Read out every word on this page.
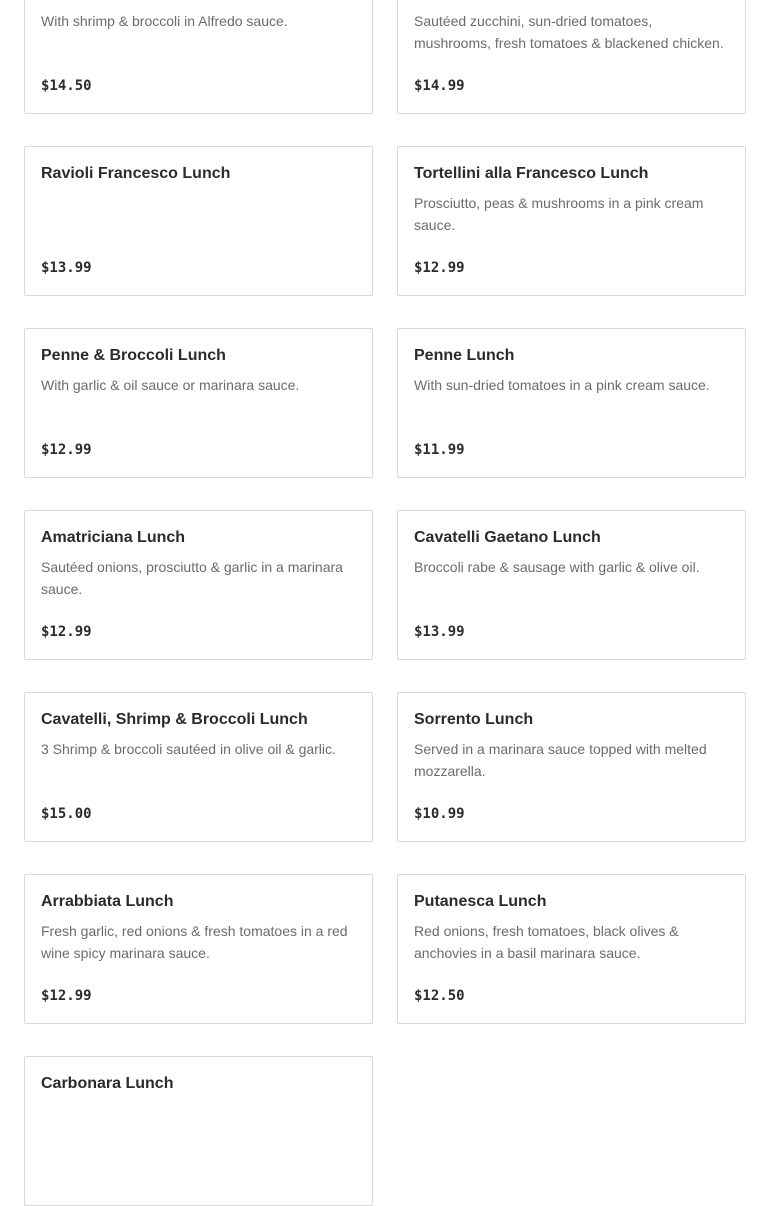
With shrimp & broccoli in Alfredo sauce.
$14.50
Sautéed zucchini, sun-dried tomatoes, mushrooms, fresh tomatoes & blackened chicken.
$14.99
Ravioli Francesco Lunch
$13.99
Tortellini alla Francesco Lunch
Prosciutto, peas & mushrooms in a pink cream sauce.
$12.99
Penne & Broccoli Lunch
With garlic & oil sauce or marinara sauce.
$12.99
Penne Lunch
With sun-dried tomatoes in a pink cream sauce.
$11.99
Amatriciana Lunch
Sautéed onions, prosciutto & garlic in a marinara sauce.
$12.99
Cavatelli Gaetano Lunch
Broccoli rabe & sausage with garlic & olive oil.
$13.99
Cavatelli, Shrimp & Broccoli Lunch
3 Shrimp & broccoli sautéed in olive oil & garlic.
$15.00
Sorrento Lunch
Served in a marinara sauce topped with melted mozzarella.
$10.99
Arrabbiata Lunch
Fresh garlic, red onions & fresh tomatoes in a red wine spicy marinara sauce.
$12.99
Putanesca Lunch
Red onions, fresh tomatoes, black olives & anchovies in a basil marinara sauce.
$12.50
Carbonara Lunch
